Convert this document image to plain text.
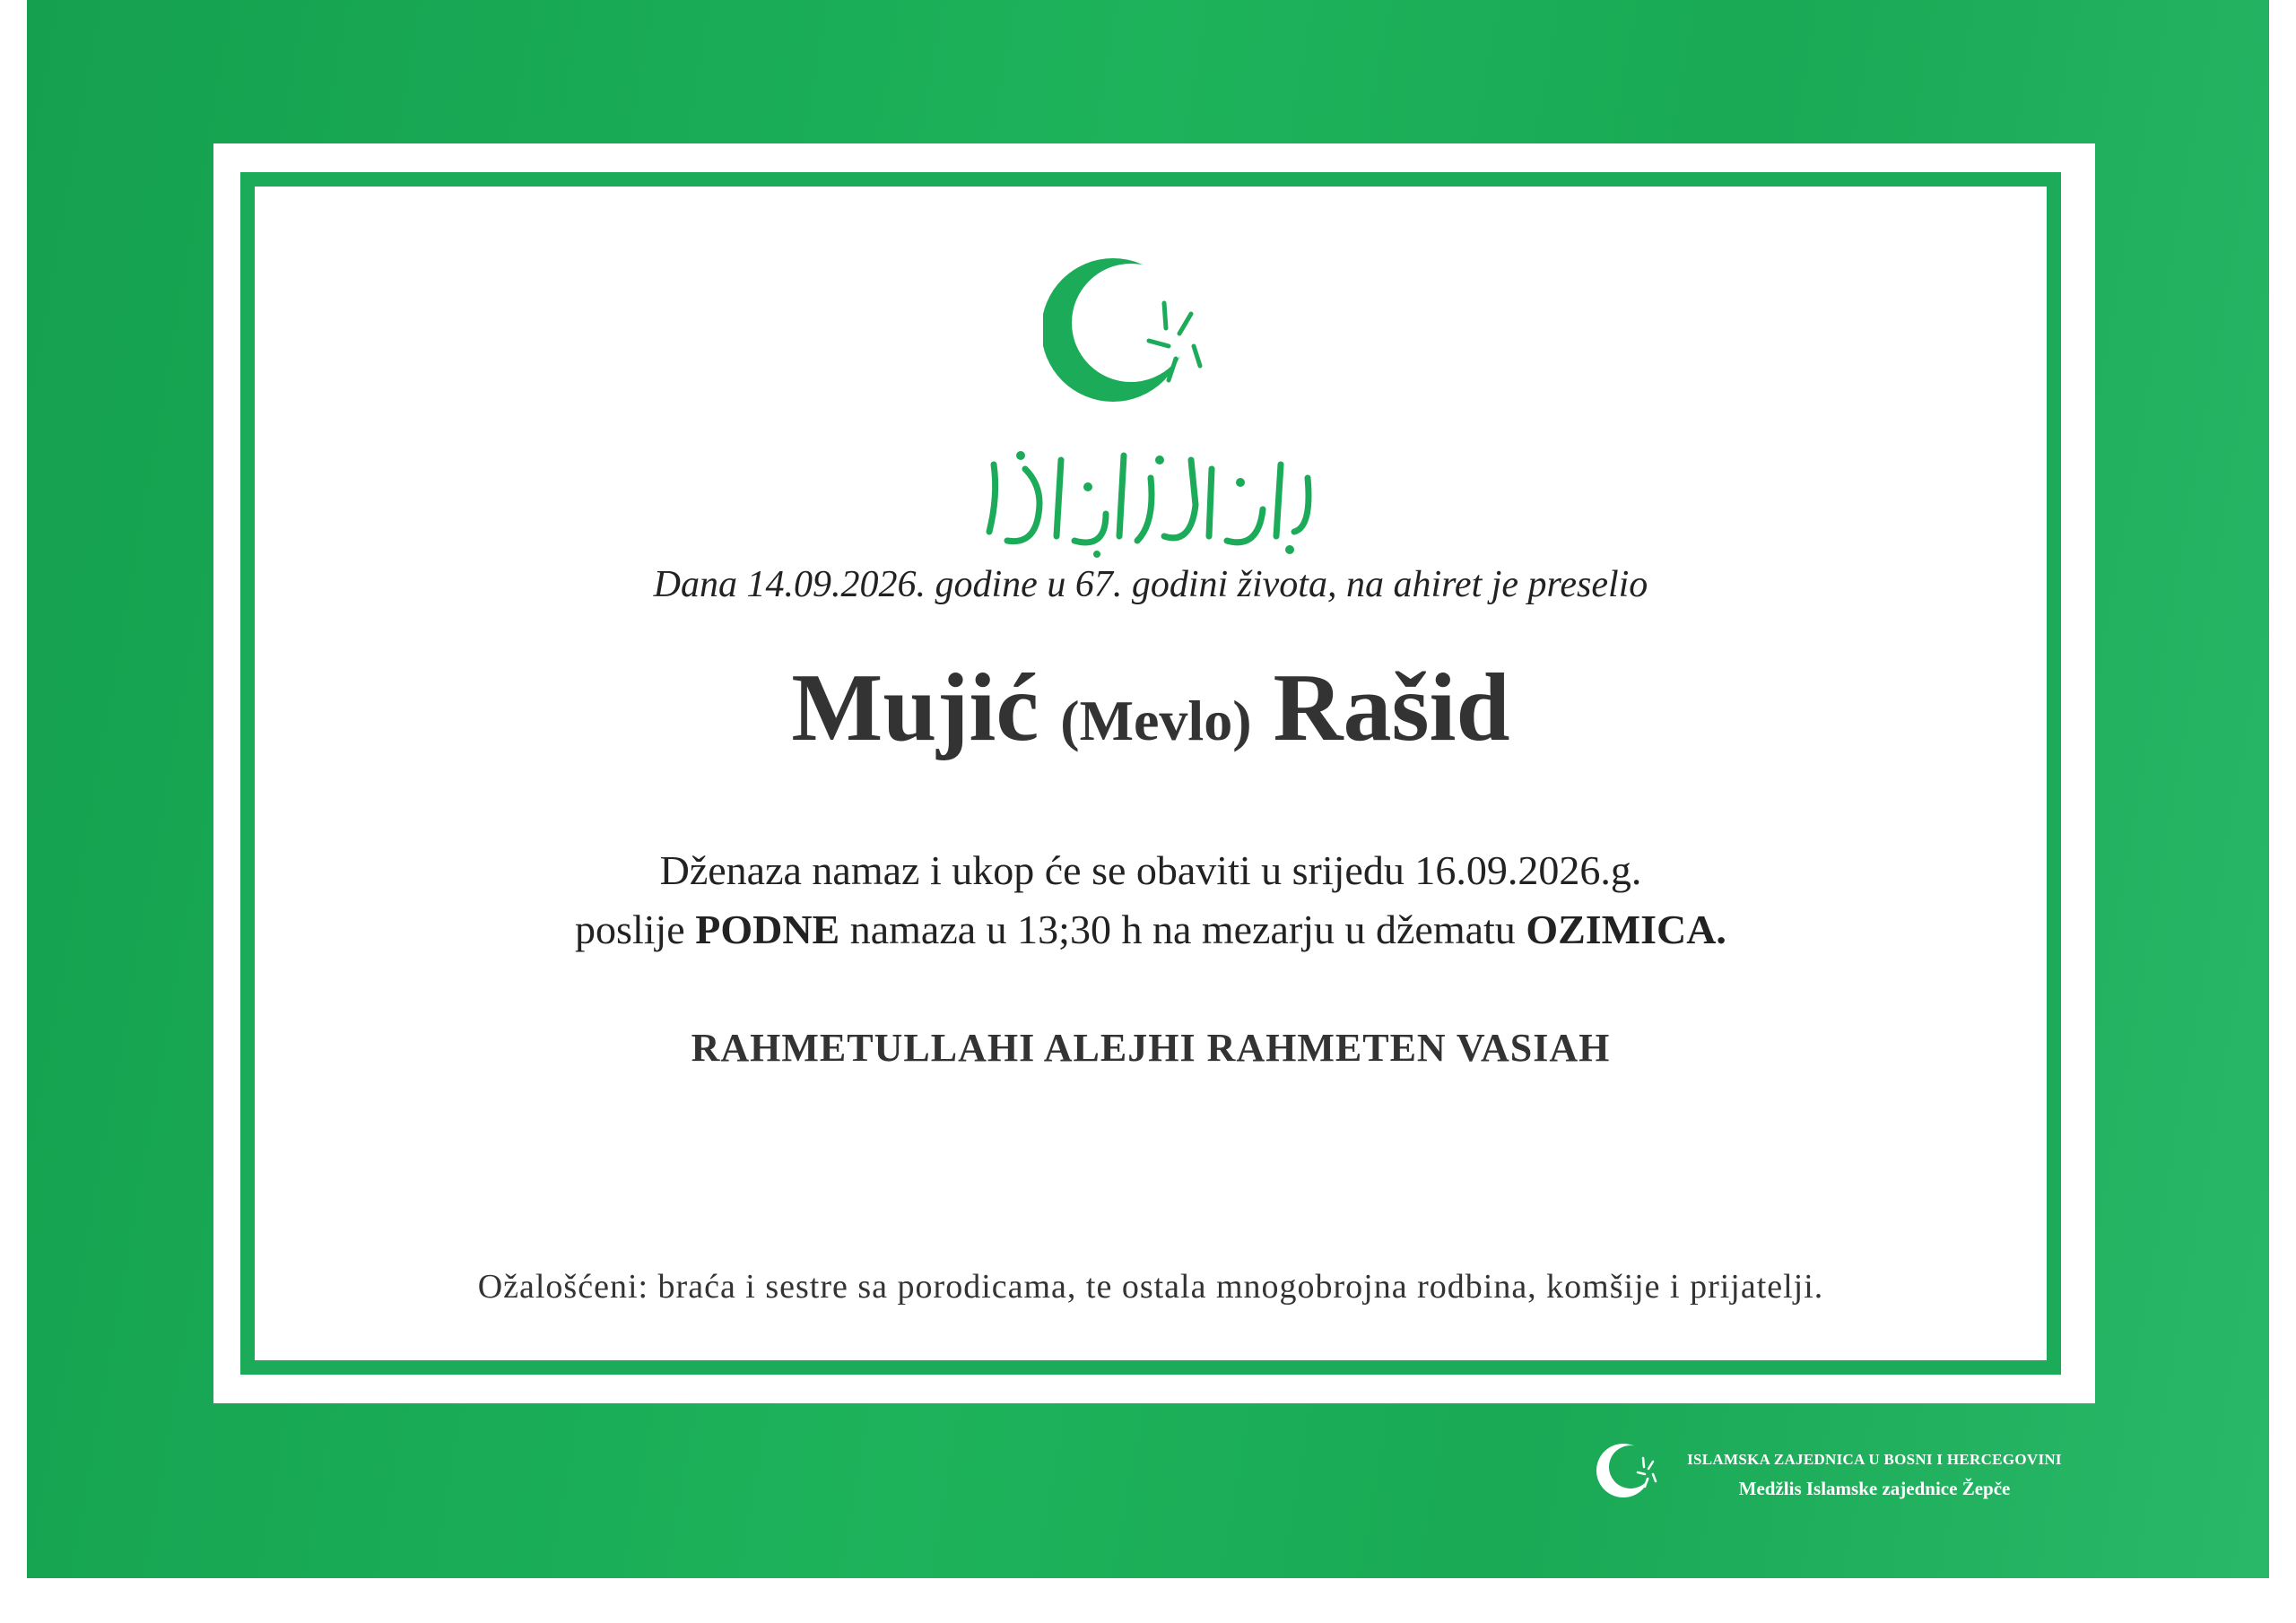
Dana 14.09.2026. godine u 67. godini života, na ahiret je preselio
Mujić (Mevlo) Rašid
Dženaza namaz i ukop će se obaviti u srijedu 16.09.2026.g.
poslije PODNE namaza u 13;30 h na mezarju u džematu OZIMICA.
RAHMETULLAHI ALEJHI RAHMETEN VASIAH
Ožalošćeni: braća i sestre sa porodicama, te ostala mnogobrojna rodbina, komšije i prijatelji.
ISLAMSKA ZAJEDNICA U BOSNI I HERCEGOVINI
Medžlis Islamske zajednice Žepče
